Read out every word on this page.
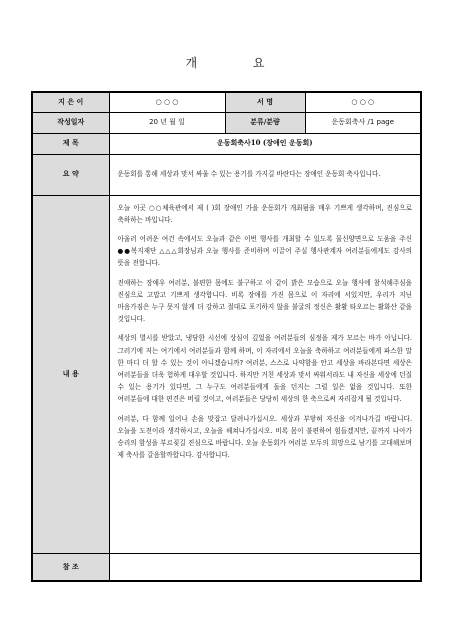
개 요
지 은 이	○ ○ ○	서 명	○ ○ ○
작성일자	20 년 월 일	분류/분량	운동회축사 /1 page
제 목	운동회축사10 (장애인 운동회)		
요 약	운동회를 통해 세상과 맞서 싸울 수 있는 용기를 가지길 바란다는 장애인 운동회 축사입니다.		

내 용	오늘 이곳 ○○체육관에서 제 ( )회 장애인 가을 운동회가 개최됨을 매우 기쁘게 생각하며, 진심으로 축하하는 바입니다.

아울러 어려운 여건 속에서도 오늘과 같은 이번 행사를 개최할 수 있도록 물신양면으로 도움을 주신 ●●복지재단 △△△회장님과 오늘 행사를 준비하며 이끌어 주실 행사관계자 여러분들에게도 감사의 뜻을 전합니다.

진애하는 장애우 여러분, 불편한 몸에도 불구하고 이 같이 밝은 모습으로 오늘 행사에 참석해주심을 진심으로 고맙고 기쁘게 생각합니다. 비록 장애를 가진 몸으로 이 자리에 서있지만, 우리가 지닌 마음가짐은 누구 못지 않게 더 강하고 절대로 포기하지 않을 불굴의 정신은 활활 타오르는 활화산 같을 것입니다.

세상의 멸시를 받았고, 냉담한 시선에 상심이 깊었을 여러분들의 심정을 제가 모르는 바가 아닙니다. 그러기에 저는 여기에서 여러분들과 함께 하며, 이 자리에서 오늘을 축하하고 여러분들에게 파스한 말 한 마디 더 할 수 있는 것이 아니겠습니까? 여러분, 스스로 나약함을 안고 세상을 바라본다면 세상은 여러분들을 더욱 험하게 대우할 것입니다. 하지만 거친 세상과 맞서 싸워서라도 내 자신을 세상에 던질 수 있는 용기가 있다면, 그 누구도 여러분들에게 돌을 던지는 그럴 일은 없을 것입니다. 또한 여러분들에 대한 편견은 버릴 것이고, 여러분들은 당당히 세상의 한 축으로써 자리잡게 될 것입니다.

여러분, 다 함께 일어나 손을 맞잡고 달려나가십시오. 세상과 부닿혀 자신을 이겨나가길 바랍니다. 오늘을 도전이라 생각하시고, 오늘을 헤쳐나가십시오. 비록 몸이 불편하여 힘들겠지만, 끝까지 나아가 승리의 함성을 부르짖길 진심으로 바랍니다. 오늘 운동회가 여러분 모두의 희망으로 남기를 고대해보며 제 축사를 갈음할까합니다. 감사합니다.		

참 조			
